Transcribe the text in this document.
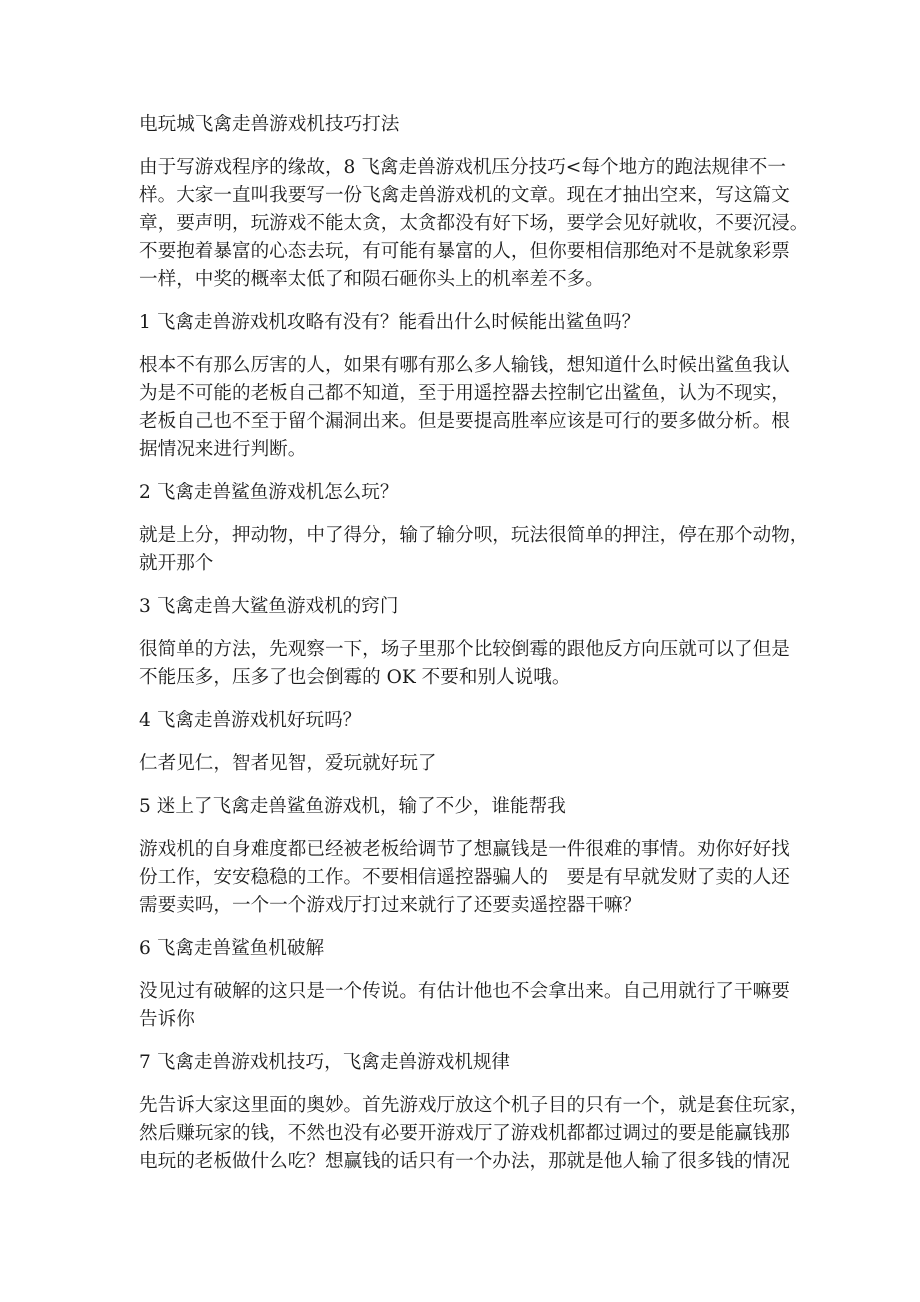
电玩城飞禽走兽游戏机技巧打法
由于写游戏程序的缘故，8 飞禽走兽游戏机压分技巧<每个地方的跑法规律不一
样。大家一直叫我要写一份飞禽走兽游戏机的文章。现在才抽出空来，写这篇文
章，要声明，玩游戏不能太贪，太贪都没有好下场，要学会见好就收，不要沉浸。
不要抱着暴富的心态去玩，有可能有暴富的人，但你要相信那绝对不是就象彩票
一样，中奖的概率太低了和陨石砸你头上的机率差不多。
1 飞禽走兽游戏机攻略有没有？能看出什么时候能出鲨鱼吗？
根本不有那么厉害的人，如果有哪有那么多人输钱，想知道什么时候出鲨鱼我认
为是不可能的老板自己都不知道，至于用遥控器去控制它出鲨鱼，认为不现实，
老板自己也不至于留个漏洞出来。但是要提高胜率应该是可行的要多做分析。根
据情况来进行判断。
2 飞禽走兽鲨鱼游戏机怎么玩？
就是上分，押动物，中了得分，输了输分呗，玩法很简单的押注，停在那个动物，
就开那个
3 飞禽走兽大鲨鱼游戏机的窍门
很简单的方法，先观察一下，场子里那个比较倒霉的跟他反方向压就可以了但是
不能压多，压多了也会倒霉的 OK 不要和别人说哦。
4 飞禽走兽游戏机好玩吗？
仁者见仁，智者见智，爱玩就好玩了
5 迷上了飞禽走兽鲨鱼游戏机，输了不少，谁能帮我
游戏机的自身难度都已经被老板给调节了想赢钱是一件很难的事情。劝你好好找
份工作，安安稳稳的工作。不要相信遥控器骗人的　要是有早就发财了卖的人还
需要卖吗，一个一个游戏厅打过来就行了还要卖遥控器干嘛？
6 飞禽走兽鲨鱼机破解
没见过有破解的这只是一个传说。有估计他也不会拿出来。自己用就行了干嘛要
告诉你
7 飞禽走兽游戏机技巧，飞禽走兽游戏机规律
先告诉大家这里面的奥妙。首先游戏厅放这个机子目的只有一个，就是套住玩家，
然后赚玩家的钱，不然也没有必要开游戏厅了游戏机都都过调过的要是能赢钱那
电玩的老板做什么吃？想赢钱的话只有一个办法，那就是他人输了很多钱的情况
